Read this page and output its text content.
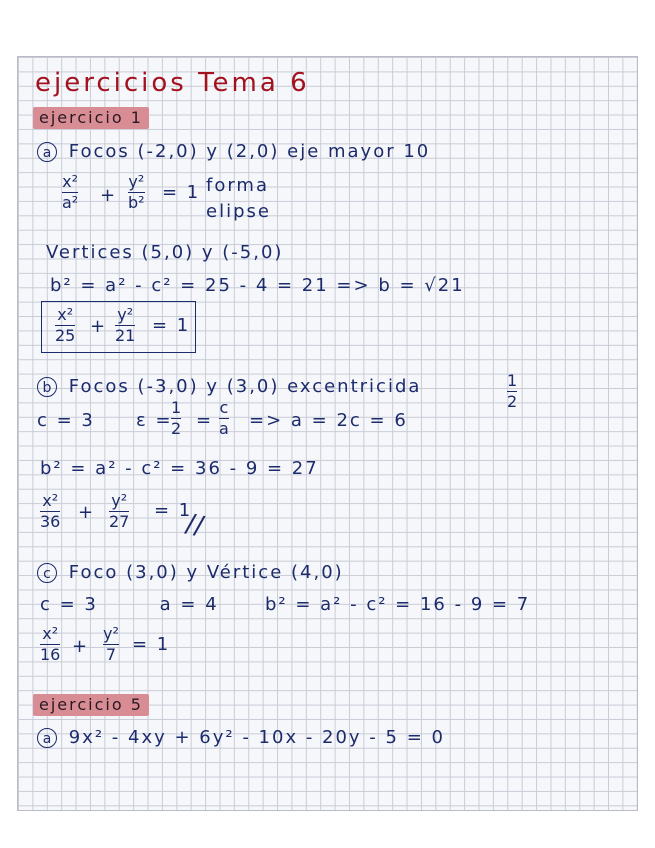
ejercicios Tema 6
ejercicio 1
a Focos (-2,0) y (2,0) eje mayor 10
x²
a² +
y²
b² = 1 forma
elipse
Vertices (5,0) y (-5,0)
b² = a² - c² = 25 - 4 = 21 => b = √21
x²
25 +
y²
21 = 1
b Focos (-3,0) y (3,0) excentricida	1
2
c = 3 ε =
1
2 =
c
a => a = 2c = 6
b² = a² - c² = 36 - 9 = 27
x²
36 +
y²
27
= 1
//
c Foco (3,0) y Vértice (4,0)
c = 3        a = 4      b² = a² - c² = 16 - 9 = 7
x²
16 +
y²
7 = 1
ejercicio 5
a 9x² - 4xy + 6y² - 10x - 20y - 5 = 0
